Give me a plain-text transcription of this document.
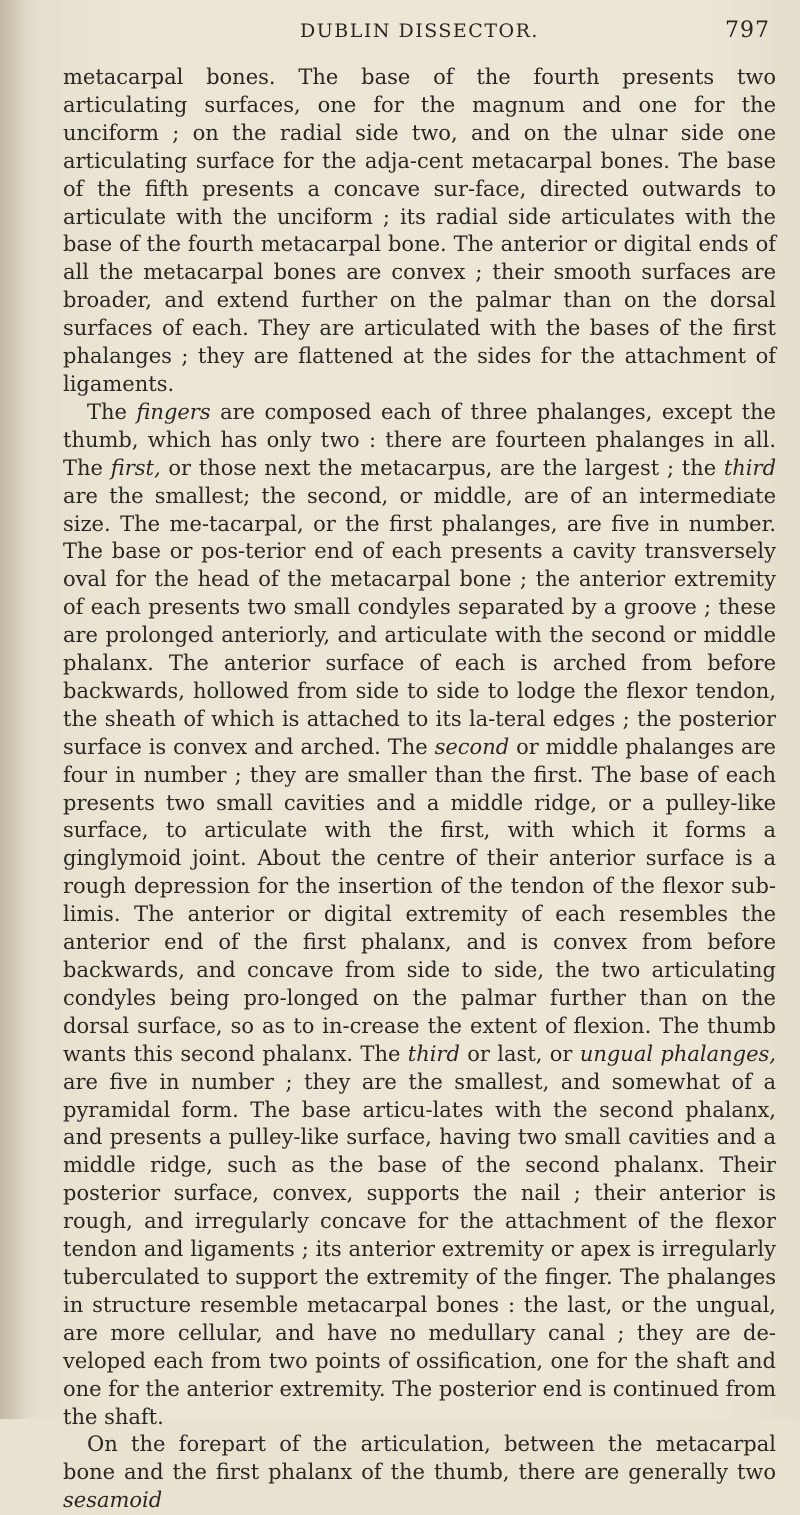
DUBLIN DISSECTOR.	797

metacarpal bones. The base of the fourth presents two articulating surfaces, one for the magnum and one for the unciform ; on the radial side two, and on the ulnar side one articulating surface for the adja-cent metacarpal bones. The base of the fifth presents a concave sur-face, directed outwards to articulate with the unciform ; its radial side articulates with the base of the fourth metacarpal bone. The anterior or digital ends of all the metacarpal bones are convex ; their smooth surfaces are broader, and extend further on the palmar than on the dorsal surfaces of each. They are articulated with the bases of the first phalanges ; they are flattened at the sides for the attachment of ligaments.

The fingers are composed each of three phalanges, except the thumb, which has only two : there are fourteen phalanges in all. The first, or those next the metacarpus, are the largest ; the third are the smallest; the second, or middle, are of an intermediate size. The me-tacarpal, or the first phalanges, are five in number. The base or pos-terior end of each presents a cavity transversely oval for the head of the metacarpal bone ; the anterior extremity of each presents two small condyles separated by a groove ; these are prolonged anteriorly, and articulate with the second or middle phalanx. The anterior surface of each is arched from before backwards, hollowed from side to side to lodge the flexor tendon, the sheath of which is attached to its la-teral edges ; the posterior surface is convex and arched. The second or middle phalanges are four in number ; they are smaller than the first. The base of each presents two small cavities and a middle ridge, or a pulley-like surface, to articulate with the first, with which it forms a ginglymoid joint. About the centre of their anterior surface is a rough depression for the insertion of the tendon of the flexor sub-limis. The anterior or digital extremity of each resembles the anterior end of the first phalanx, and is convex from before backwards, and concave from side to side, the two articulating condyles being pro-longed on the palmar further than on the dorsal surface, so as to in-crease the extent of flexion. The thumb wants this second phalanx. The third or last, or ungual phalanges, are five in number ; they are the smallest, and somewhat of a pyramidal form. The base articu-lates with the second phalanx, and presents a pulley-like surface, having two small cavities and a middle ridge, such as the base of the second phalanx. Their posterior surface, convex, supports the nail ; their anterior is rough, and irregularly concave for the attachment of the flexor tendon and ligaments ; its anterior extremity or apex is irregularly tuberculated to support the extremity of the finger. The phalanges in structure resemble metacarpal bones : the last, or the ungual, are more cellular, and have no medullary canal ; they are de-veloped each from two points of ossification, one for the shaft and one for the anterior extremity. The posterior end is continued from the shaft.

On the forepart of the articulation, between the metacarpal bone and the first phalanx of the thumb, there are generally two sesamoid
